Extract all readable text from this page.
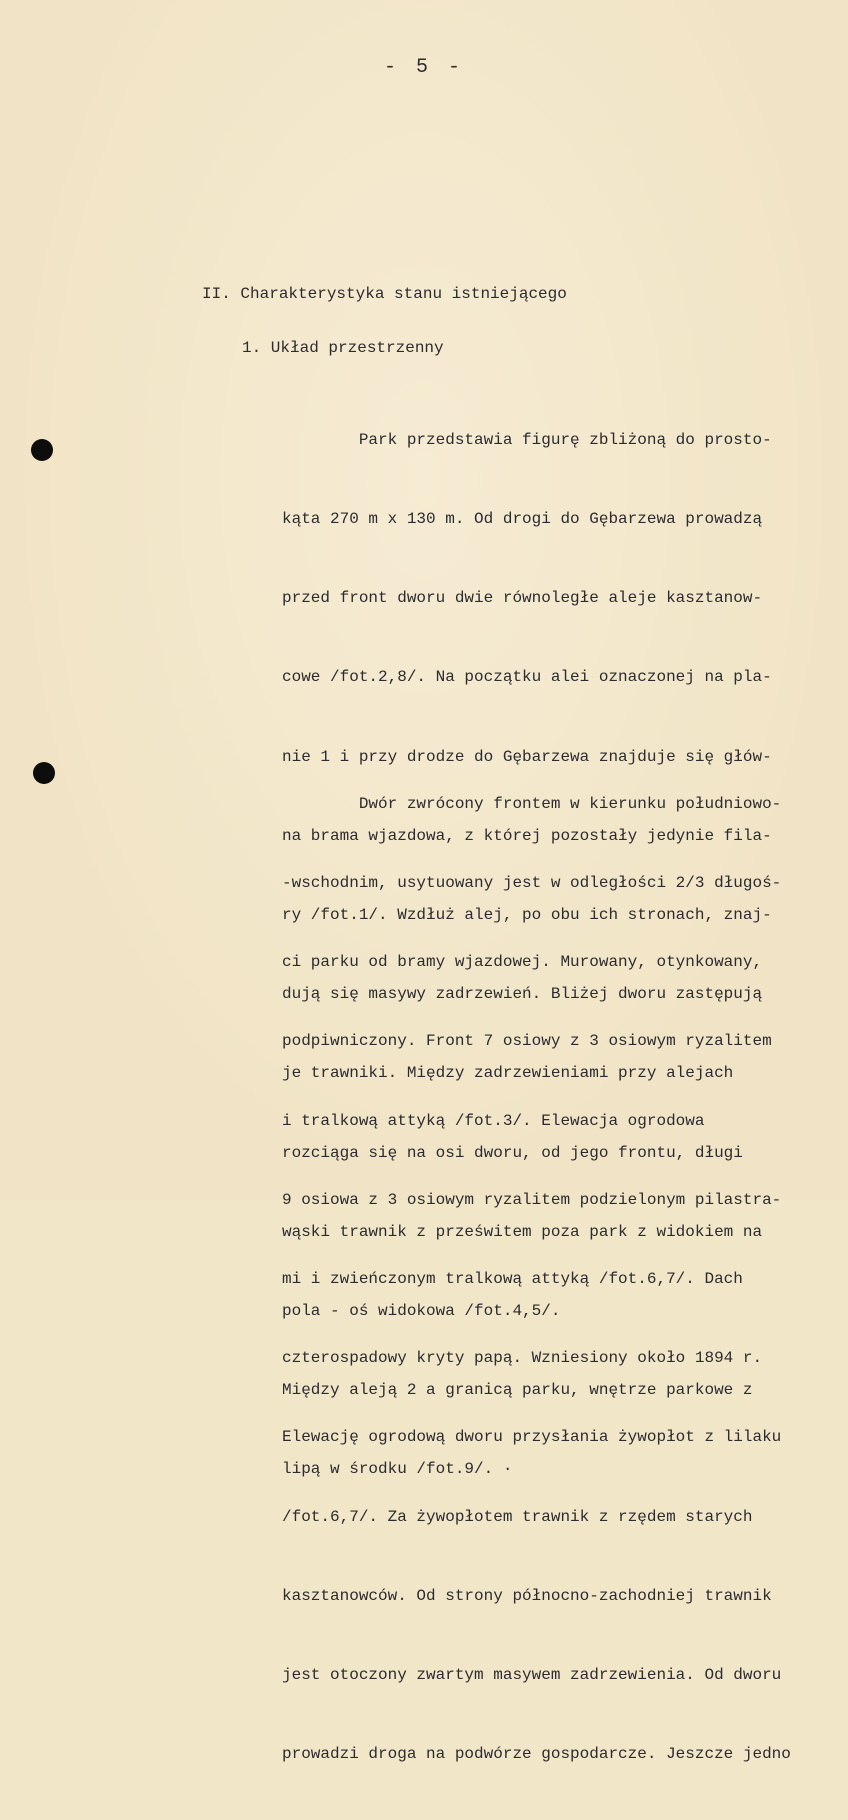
- 5 -
II. Charakterystyka stanu istniejącego
1. Układ przestrzenny

Park przedstawia figurę zbliżoną do prosto-

kąta 270 m x 130 m. Od drogi do Gębarzewa prowadzą

przed front dworu dwie równoległe aleje kasztanow-

cowe /fot.2,8/. Na początku alei oznaczonej na pla-

nie 1 i przy drodze do Gębarzewa znajduje się głów-

na brama wjazdowa, z której pozostały jedynie fila-

ry /fot.1/. Wzdłuż alej, po obu ich stronach, znaj-

dują się masywy zadrzewień. Bliżej dworu zastępują

je trawniki. Między zadrzewieniami przy alejach

rozciąga się na osi dworu, od jego frontu, długi

wąski trawnik z prześwitem poza park z widokiem na

pola - oś widokowa /fot.4,5/.

Między aleją 2 a granicą parku, wnętrze parkowe z

lipą w środku /fot.9/. ·

Dwór zwrócony frontem w kierunku południowo-

-wschodnim, usytuowany jest w odległości 2/3 długoś-

ci parku od bramy wjazdowej. Murowany, otynkowany,

podpiwniczony. Front 7 osiowy z 3 osiowym ryzalitem

i tralkową attyką /fot.3/. Elewacja ogrodowa

9 osiowa z 3 osiowym ryzalitem podzielonym pilastra-

mi i zwieńczonym tralkową attyką /fot.6,7/. Dach

czterospadowy kryty papą. Wzniesiony około 1894 r.

Elewację ogrodową dworu przysłania żywopłot z lilaku

/fot.6,7/. Za żywopłotem trawnik z rzędem starych

kasztanowców. Od strony północno-zachodniej trawnik

jest otoczony zwartym masywem zadrzewienia. Od dworu

prowadzi droga na podwórze gospodarcze. Jeszcze jedno
